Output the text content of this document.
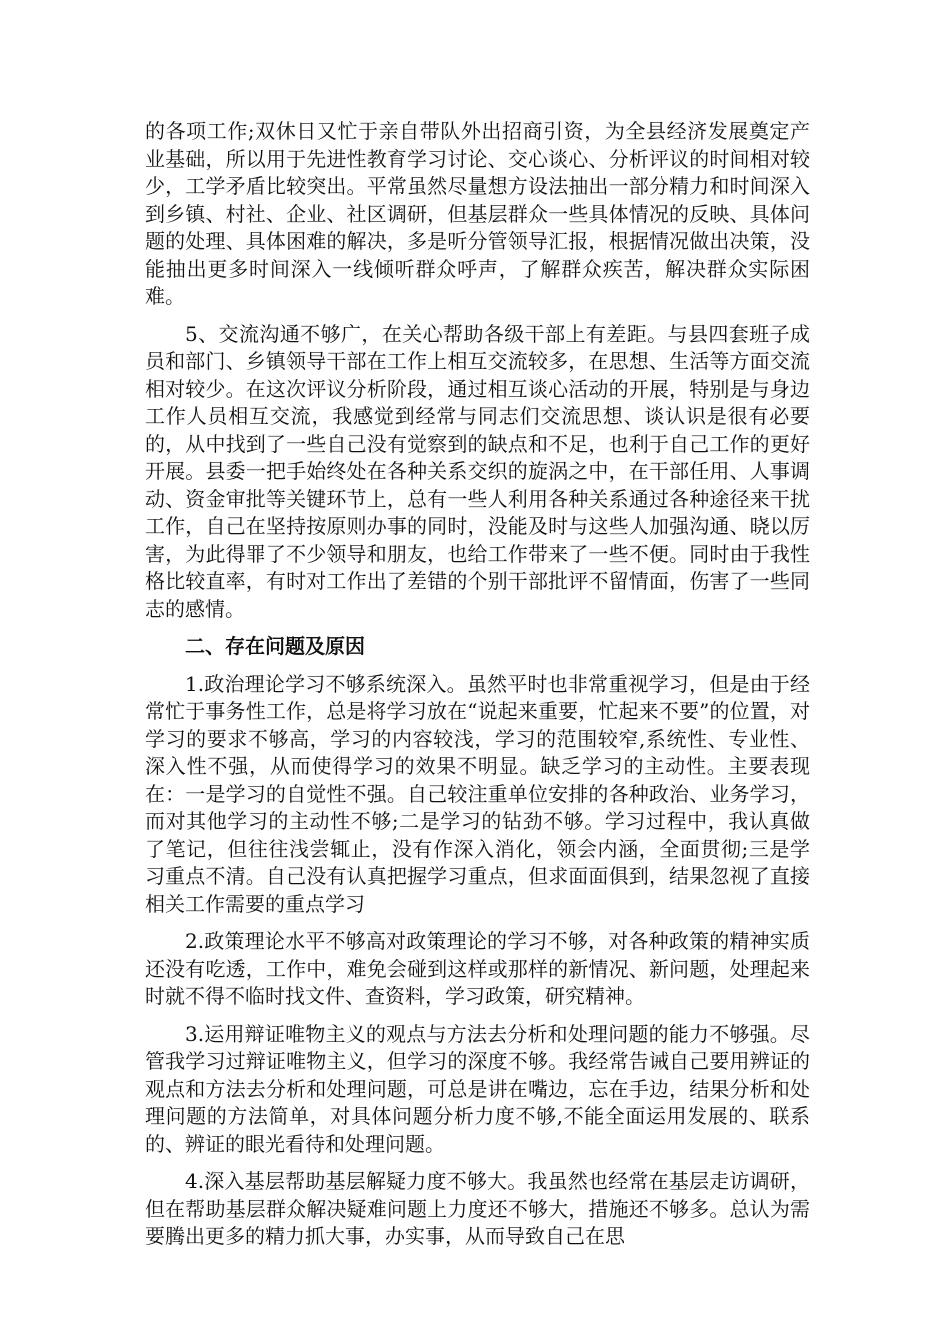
的各项工作;双休日又忙于亲自带队外出招商引资，为全县经济发展奠定产业基础，所以用于先进性教育学习讨论、交心谈心、分析评议的时间相对较少，工学矛盾比较突出。平常虽然尽量想方设法抽出一部分精力和时间深入到乡镇、村社、企业、社区调研，但基层群众一些具体情况的反映、具体问题的处理、具体困难的解决，多是听分管领导汇报，根据情况做出决策，没能抽出更多时间深入一线倾听群众呼声，了解群众疾苦，解决群众实际困难。

5、交流沟通不够广，在关心帮助各级干部上有差距。与县四套班子成员和部门、乡镇领导干部在工作上相互交流较多，在思想、生活等方面交流相对较少。在这次评议分析阶段，通过相互谈心活动的开展，特别是与身边工作人员相互交流，我感觉到经常与同志们交流思想、谈认识是很有必要的，从中找到了一些自己没有觉察到的缺点和不足，也利于自己工作的更好开展。县委一把手始终处在各种关系交织的旋涡之中，在干部任用、人事调动、资金审批等关键环节上，总有一些人利用各种关系通过各种途径来干扰工作，自己在坚持按原则办事的同时，没能及时与这些人加强沟通、晓以厉害，为此得罪了不少领导和朋友，也给工作带来了一些不便。同时由于我性格比较直率，有时对工作出了差错的个别干部批评不留情面，伤害了一些同志的感情。

二、存在问题及原因

1.政治理论学习不够系统深入。虽然平时也非常重视学习，但是由于经常忙于事务性工作，总是将学习放在“说起来重要，忙起来不要”的位置，对学习的要求不够高，学习的内容较浅，学习的范围较窄,系统性、专业性、深入性不强，从而使得学习的效果不明显。缺乏学习的主动性。主要表现在：一是学习的自觉性不强。自己较注重单位安排的各种政治、业务学习，而对其他学习的主动性不够;二是学习的钻劲不够。学习过程中，我认真做了笔记，但往往浅尝辄止，没有作深入消化，领会内涵，全面贯彻;三是学习重点不清。自己没有认真把握学习重点，但求面面俱到，结果忽视了直接相关工作需要的重点学习

2.政策理论水平不够高对政策理论的学习不够，对各种政策的精神实质还没有吃透，工作中，难免会碰到这样或那样的新情况、新问题，处理起来时就不得不临时找文件、查资料，学习政策，研究精神。

3.运用辩证唯物主义的观点与方法去分析和处理问题的能力不够强。尽管我学习过辩证唯物主义，但学习的深度不够。我经常告诫自己要用辨证的观点和方法去分析和处理问题，可总是讲在嘴边，忘在手边，结果分析和处理问题的方法简单，对具体问题分析力度不够,不能全面运用发展的、联系的、辨证的眼光看待和处理问题。

4.深入基层帮助基层解疑力度不够大。我虽然也经常在基层走访调研，但在帮助基层群众解决疑难问题上力度还不够大，措施还不够多。总认为需要腾出更多的精力抓大事，办实事，从而导致自己在思
